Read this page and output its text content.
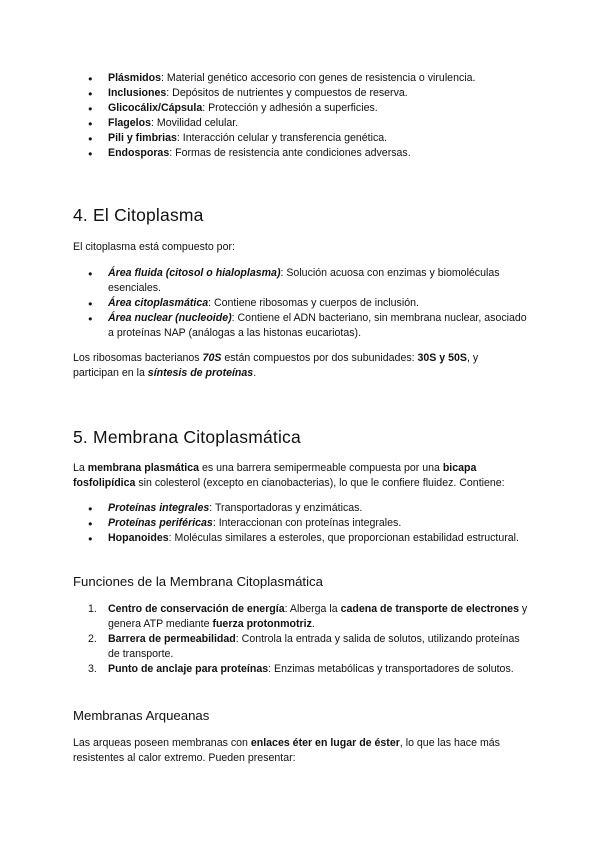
● Plásmidos: Material genético accesorio con genes de resistencia o virulencia.
● Inclusiones: Depósitos de nutrientes y compuestos de reserva.
● Glicocálix/Cápsula: Protección y adhesión a superficies.
● Flagelos: Movilidad celular.
● Pili y fimbrias: Interacción celular y transferencia genética.
● Endosporas: Formas de resistencia ante condiciones adversas.
4. El Citoplasma

El citoplasma está compuesto por:

● Área fluida (citosol o hialoplasma): Solución acuosa con enzimas y biomoléculas esenciales.
● Área citoplasmática: Contiene ribosomas y cuerpos de inclusión.
● Área nuclear (nucleoide): Contiene el ADN bacteriano, sin membrana nuclear, asociado a proteínas NAP (análogas a las histonas eucariotas).

Los ribosomas bacterianos 70S están compuestos por dos subunidades: 30S y 50S, y participan en la síntesis de proteínas.

5. Membrana Citoplasmática

La membrana plasmática es una barrera semipermeable compuesta por una bicapa fosfolipídica sin colesterol (excepto en cianobacterias), lo que le confiere fluidez. Contiene:

● Proteínas integrales: Transportadoras y enzimáticas.
● Proteínas periféricas: Interaccionan con proteínas integrales.
● Hopanoides: Moléculas similares a esteroles, que proporcionan estabilidad estructural.
Funciones de la Membrana Citoplasmática
1. Centro de conservación de energía: Alberga la cadena de transporte de electrones y genera ATP mediante fuerza protonmotriz.
2. Barrera de permeabilidad: Controla la entrada y salida de solutos, utilizando proteínas de transporte.
3. Punto de anclaje para proteínas: Enzimas metabólicas y transportadores de solutos.
Membranas Arqueanas

Las arqueas poseen membranas con enlaces éter en lugar de éster, lo que las hace más resistentes al calor extremo. Pueden presentar:
